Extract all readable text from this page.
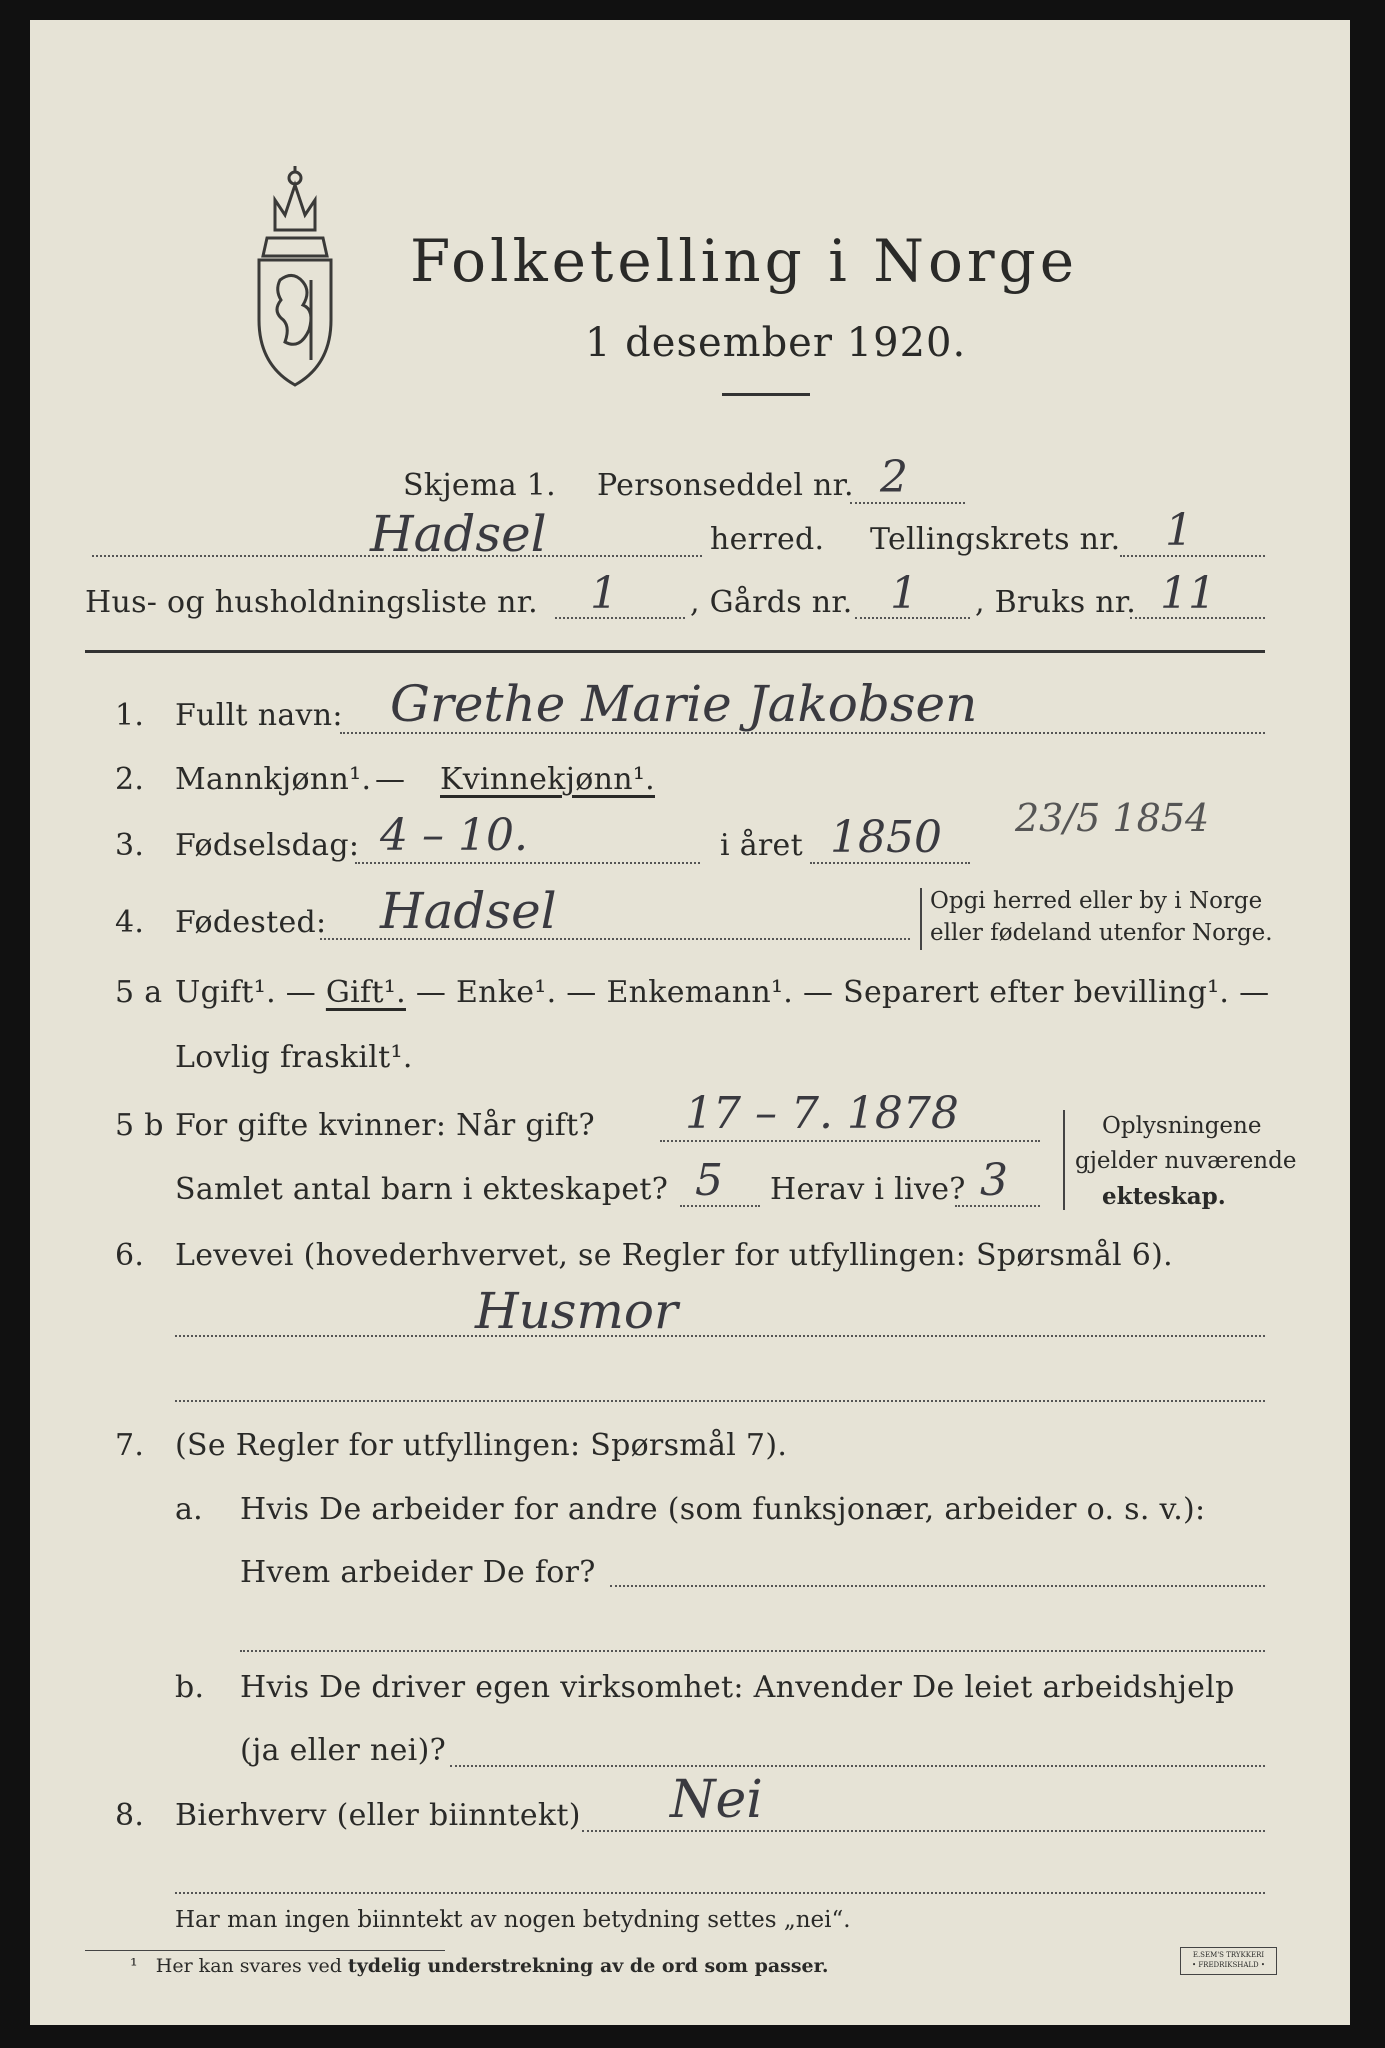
Folketelling i Norge
1 desember 1920.
Skjema 1. Personseddel nr. 2
Hadsel	herred. Tellingskrets nr. 1
Hus- og husholdningsliste nr. 1 , Gårds nr. 1 , Bruks nr. 11
1. Fullt navn: Grethe Marie Jakobsen
2. Mannkjønn¹. — Kvinnekjønn¹.
3. Fødselsdag: 4 – 10.	i året 1850 23/5 1854
4. Fødested: Hadsel	Opgi herred eller by i Norge
eller fødeland utenfor Norge.
5 a Ugift¹. — Gift¹. — Enke¹. — Enkemann¹. — Separert efter bevilling¹. —
Lovlig fraskilt¹.
5 b For gifte kvinner: Når gift? 17 – 7. 1878
Samlet antal barn i ekteskapet? 5 Herav i live? 3
Oplysningene
gjelder nuværende
ekteskap.
6. Levevei (hovederhvervet, se Regler for utfyllingen: Spørsmål 6).
Husmor
7. (Se Regler for utfyllingen: Spørsmål 7).
a. Hvis De arbeider for andre (som funksjonær, arbeider o. s. v.):
Hvem arbeider De for?
b. Hvis De driver egen virksomhet: Anvender De leiet arbeidshjelp
(ja eller nei)?
8. Bierhverv (eller biinntekt) Nei
Har man ingen biinntekt av nogen betydning settes „nei“.
¹ Her kan svares ved tydelig understrekning av de ord som passer.	E.SEM'S TRYKKERI
• FREDRIKSHALD •
